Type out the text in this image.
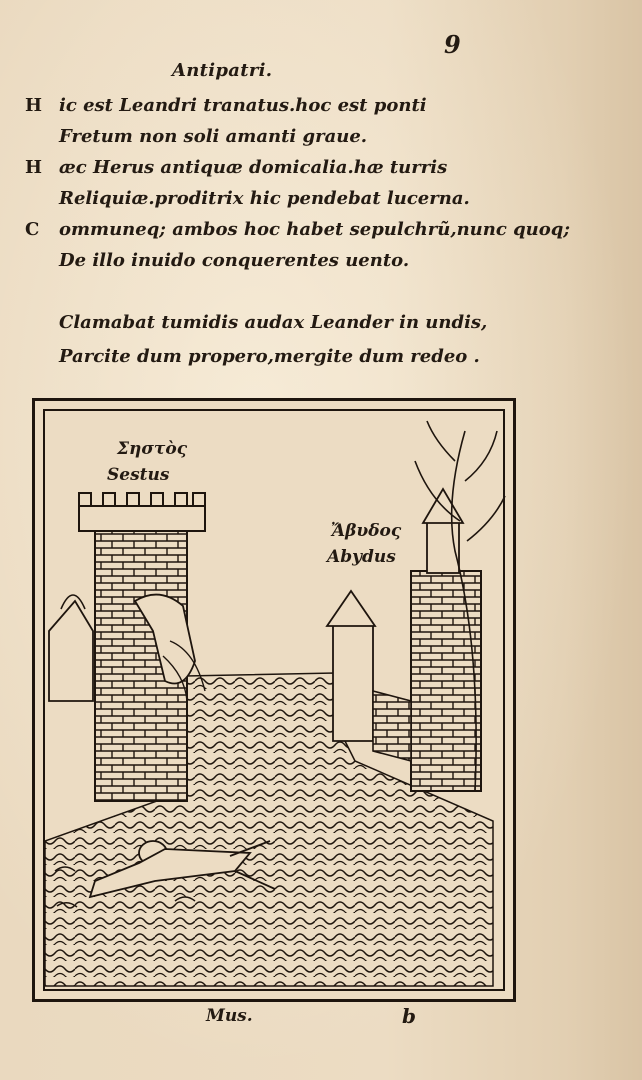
9
Antipatri.
H ic est Leandri tranatus.hoc est ponti
Fretum non soli amanti graue.
H æc Herus antiquæ domicalia.hæ turris
Reliquiæ.proditrix hic pendebat lucerna.
C ommuneq; ambos hoc habet sepulchrũ,nunc quoq;
De illo inuido conquerentes uento.
Clamabat tumidis audax Leander in undis,
Parcite dum propero,mergite dum redeo .
Σηστὸς
Sestus
Ἄβυδος
Abydus
Mus.	b
